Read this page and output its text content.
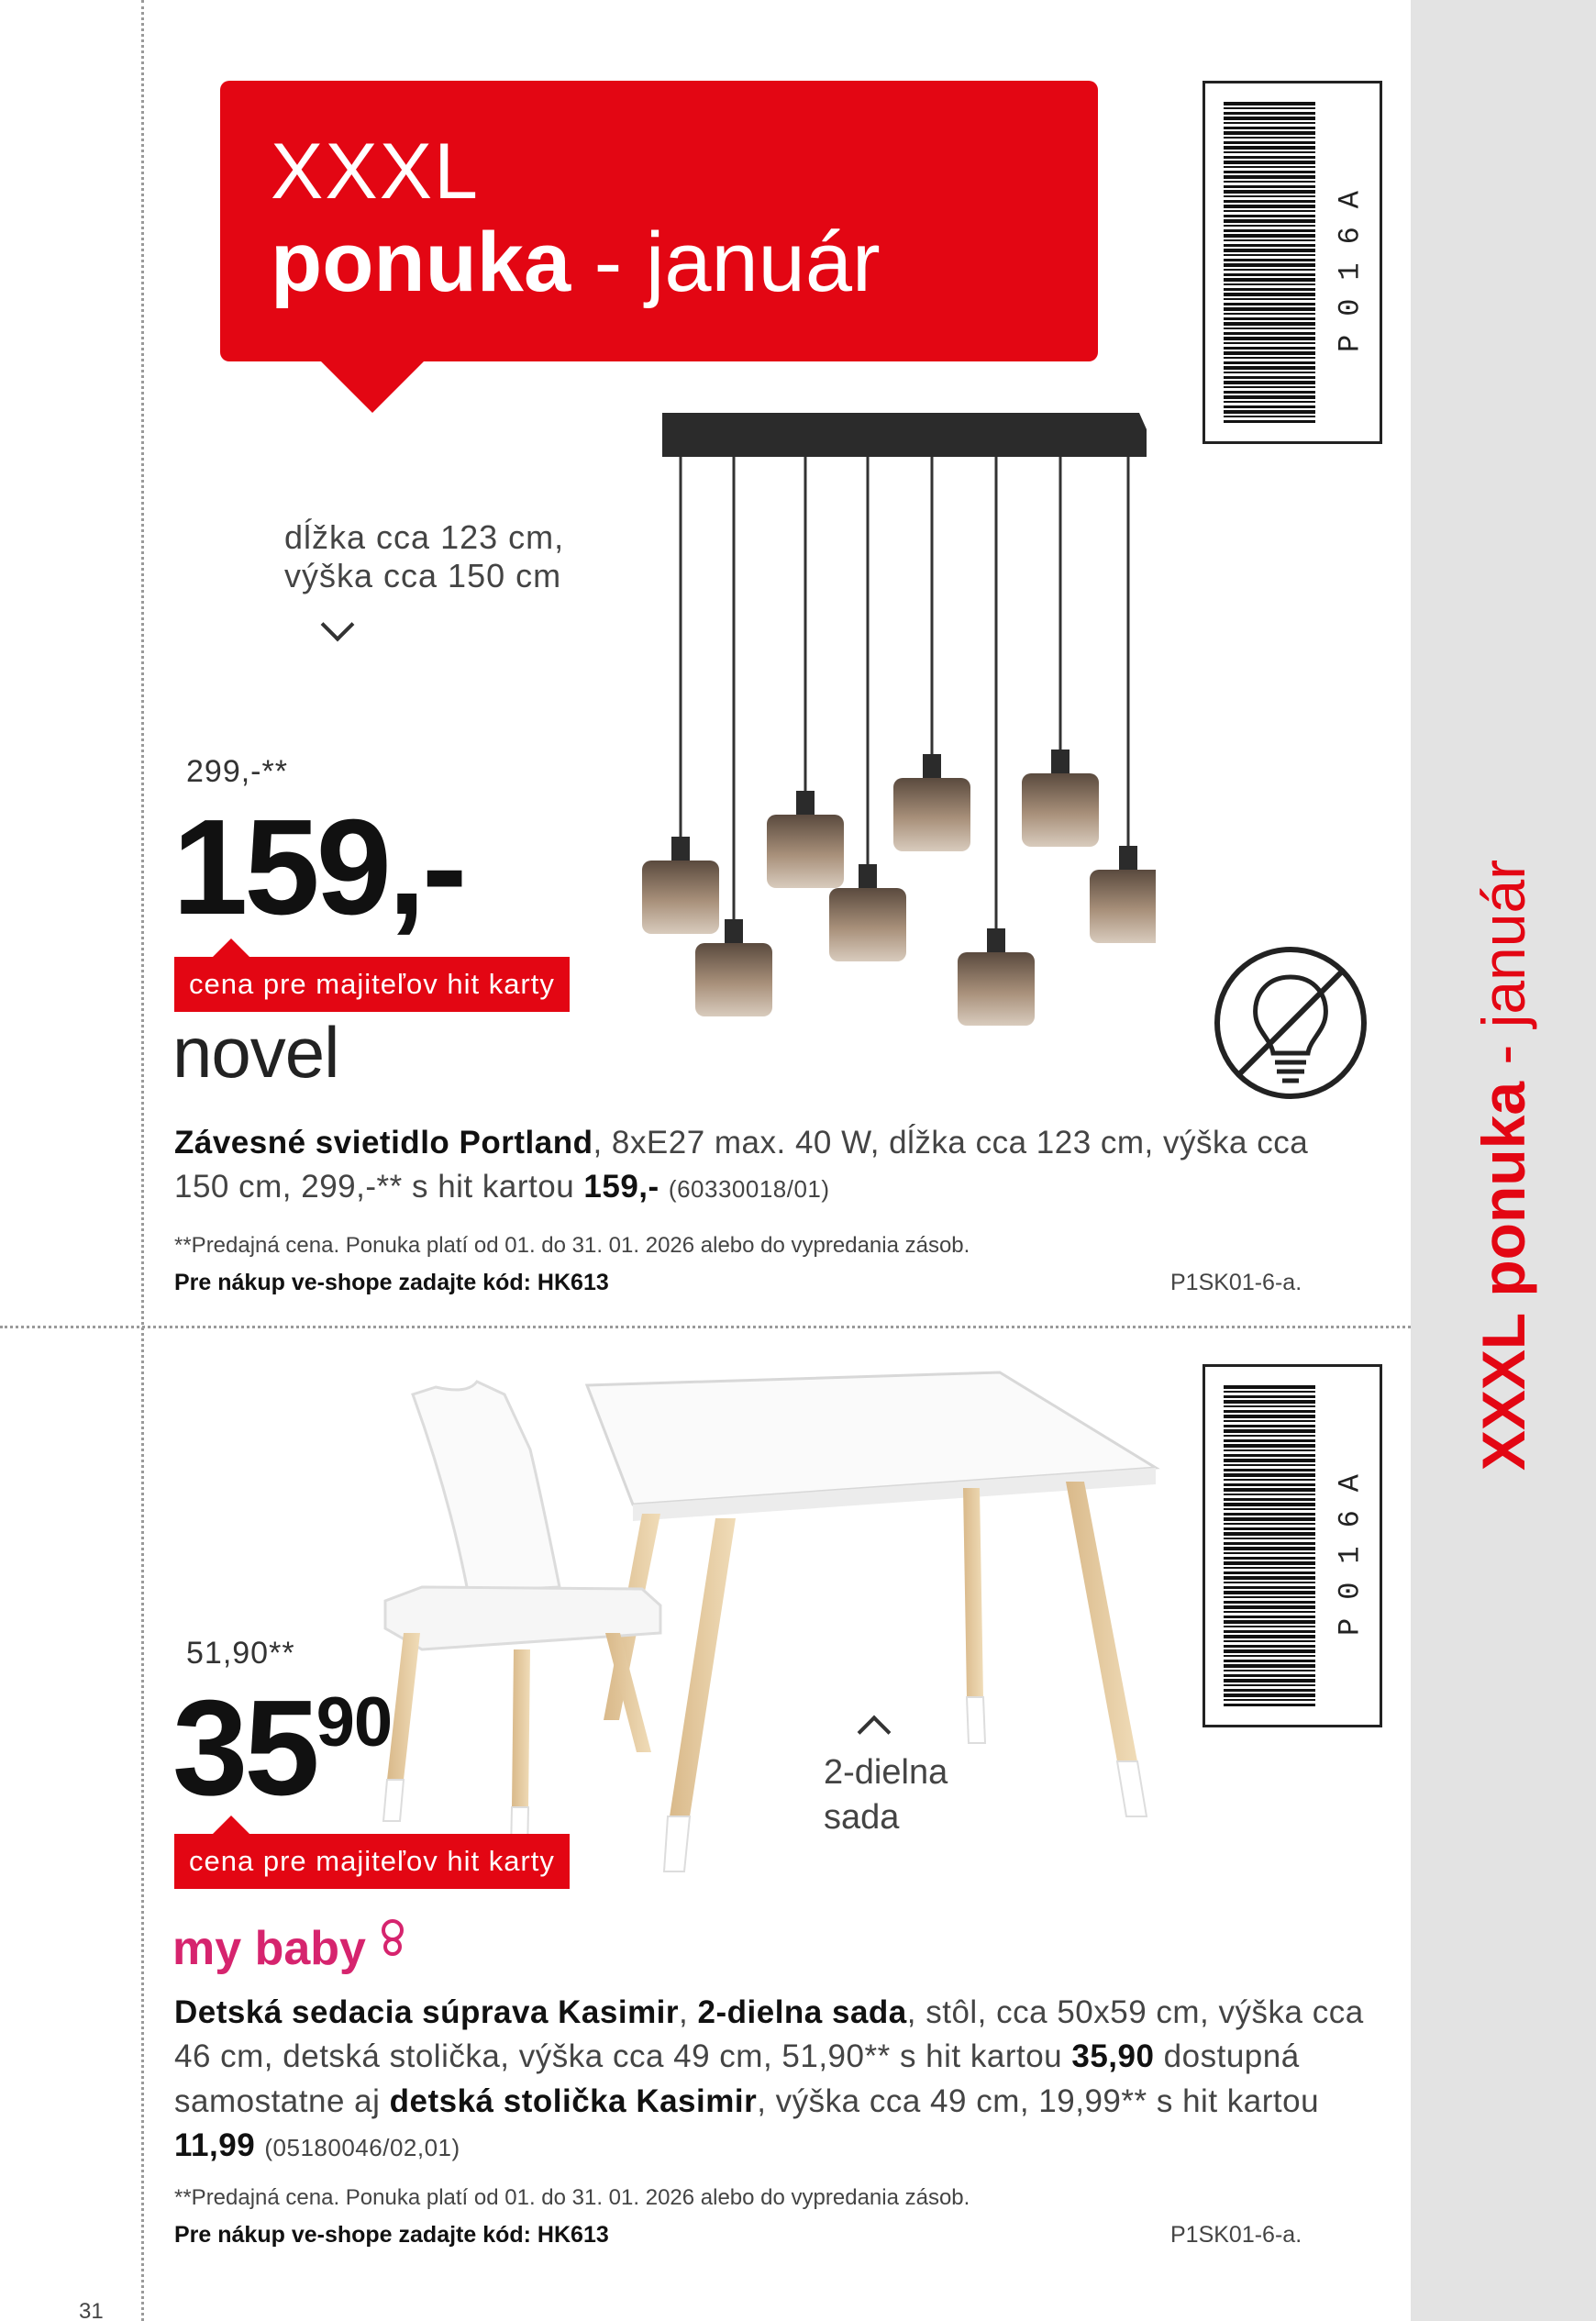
XXXL ponuka - január
XXXL
ponuka - január	P016A
dĺžka cca 123 cm,
výška cca 150 cm
299,-**
159,-
cena pre majiteľov hit karty
novel
Závesné svietidlo Portland, 8xE27 max. 40 W, dĺžka cca 123 cm, výška cca 150 cm, 299,-** s hit kartou 159,- (60330018/01)
**Predajná cena. Ponuka platí od 01. do 31. 01. 2026 alebo do vypredania zásob.
Pre nákup ve-shope zadajte kód: HK613	P1SK01-6-a.
P016A
51,90**
3590
cena pre majiteľov hit karty
2-dielna
sada
my baby
Detská sedacia súprava Kasimir, 2-dielna sada, stôl, cca 50x59 cm, výška cca 46 cm, detská stolička, výška cca 49 cm, 51,90** s hit kartou 35,90 dostupná samostatne aj detská stolička Kasimir, výška cca 49 cm, 19,99** s hit kartou 11,99 (05180046/02,01)
**Predajná cena. Ponuka platí od 01. do 31. 01. 2026 alebo do vypredania zásob.
Pre nákup ve-shope zadajte kód: HK613	P1SK01-6-a.
31
